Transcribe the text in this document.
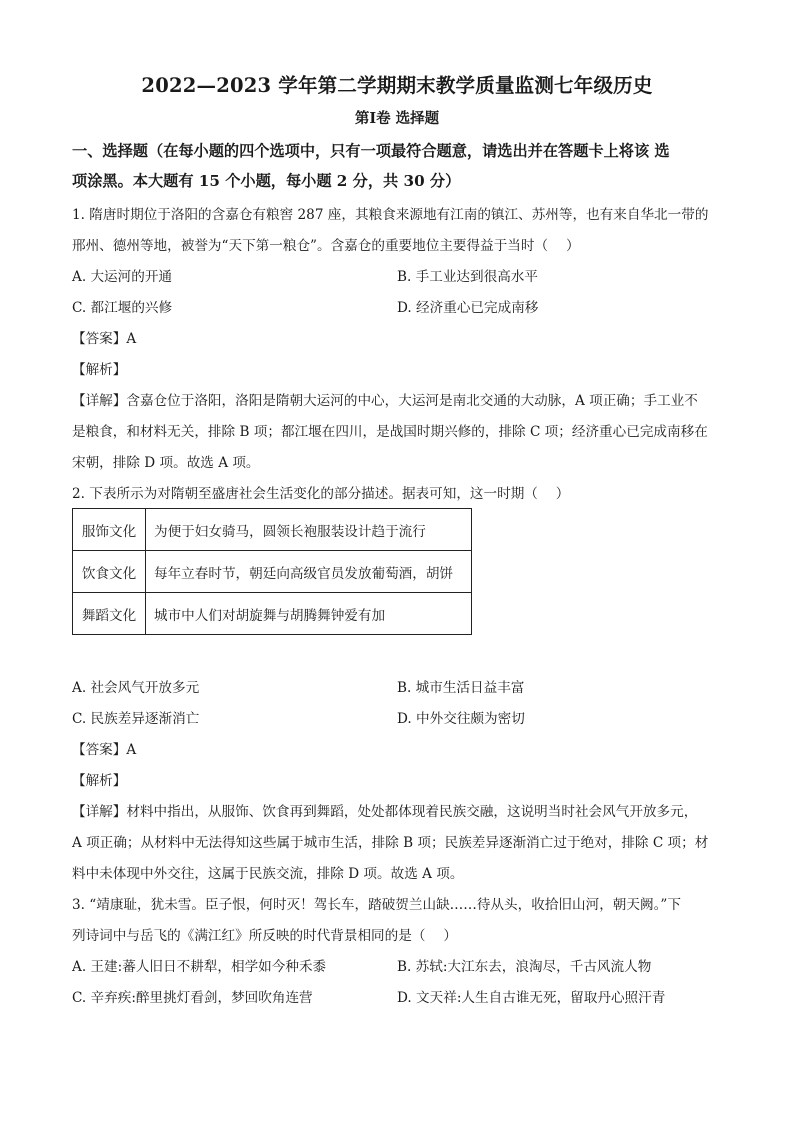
2022—2023 学年第二学期期末教学质量监测七年级历史
第Ⅰ卷 选择题
一、选择题（在每小题的四个选项中，只有一项最符合题意，请选出并在答题卡上将该 选
项涂黑。本大题有 15 个小题，每小题 2 分，共 30 分）
1. 隋唐时期位于洛阳的含嘉仓有粮窖 287 座，其粮食来源地有江南的镇江、苏州等，也有来自华北一带的
邢州、德州等地，被誉为“天下第一粮仓”。含嘉仓的重要地位主要得益于当时（　 ）
A. 大运河的开通	B. 手工业达到很高水平
C. 都江堰的兴修	D. 经济重心已完成南移
【答案】A
【解析】
【详解】含嘉仓位于洛阳，洛阳是隋朝大运河的中心，大运河是南北交通的大动脉，A 项正确；手工业不
是粮食，和材料无关，排除 B 项；都江堰在四川，是战国时期兴修的，排除 C 项；经济重心已完成南移在
宋朝，排除 D 项。故选 A 项。
2. 下表所示为对隋朝至盛唐社会生活变化的部分描述。据表可知，这一时期（　 ）
服饰文化	为便于妇女骑马，圆领长袍服装设计趋于流行
饮食文化	每年立春时节，朝廷向高级官员发放葡萄酒，胡饼
舞蹈文化	城市中人们对胡旋舞与胡腾舞钟爱有加
A. 社会风气开放多元	B. 城市生活日益丰富
C. 民族差异逐渐消亡	D. 中外交往颇为密切
【答案】A
【解析】
【详解】材料中指出，从服饰、饮食再到舞蹈，处处都体现着民族交融，这说明当时社会风气开放多元，
A 项正确；从材料中无法得知这些属于城市生活，排除 B 项；民族差异逐渐消亡过于绝对，排除 C 项；材
料中未体现中外交往，这属于民族交流，排除 D 项。故选 A 项。
3. “靖康耻，犹未雪。臣子恨，何时灭！驾长车，踏破贺兰山缺……待从头，收拾旧山河，朝天阙。”下
列诗词中与岳飞的《满江红》所反映的时代背景相同的是（　 ）
A. 王建:蕃人旧日不耕犁，相学如今种禾黍	B. 苏轼:大江东去，浪淘尽，千古风流人物
C. 辛弃疾:醉里挑灯看剑，梦回吹角连营	D. 文天祥:人生自古谁无死，留取丹心照汗青
